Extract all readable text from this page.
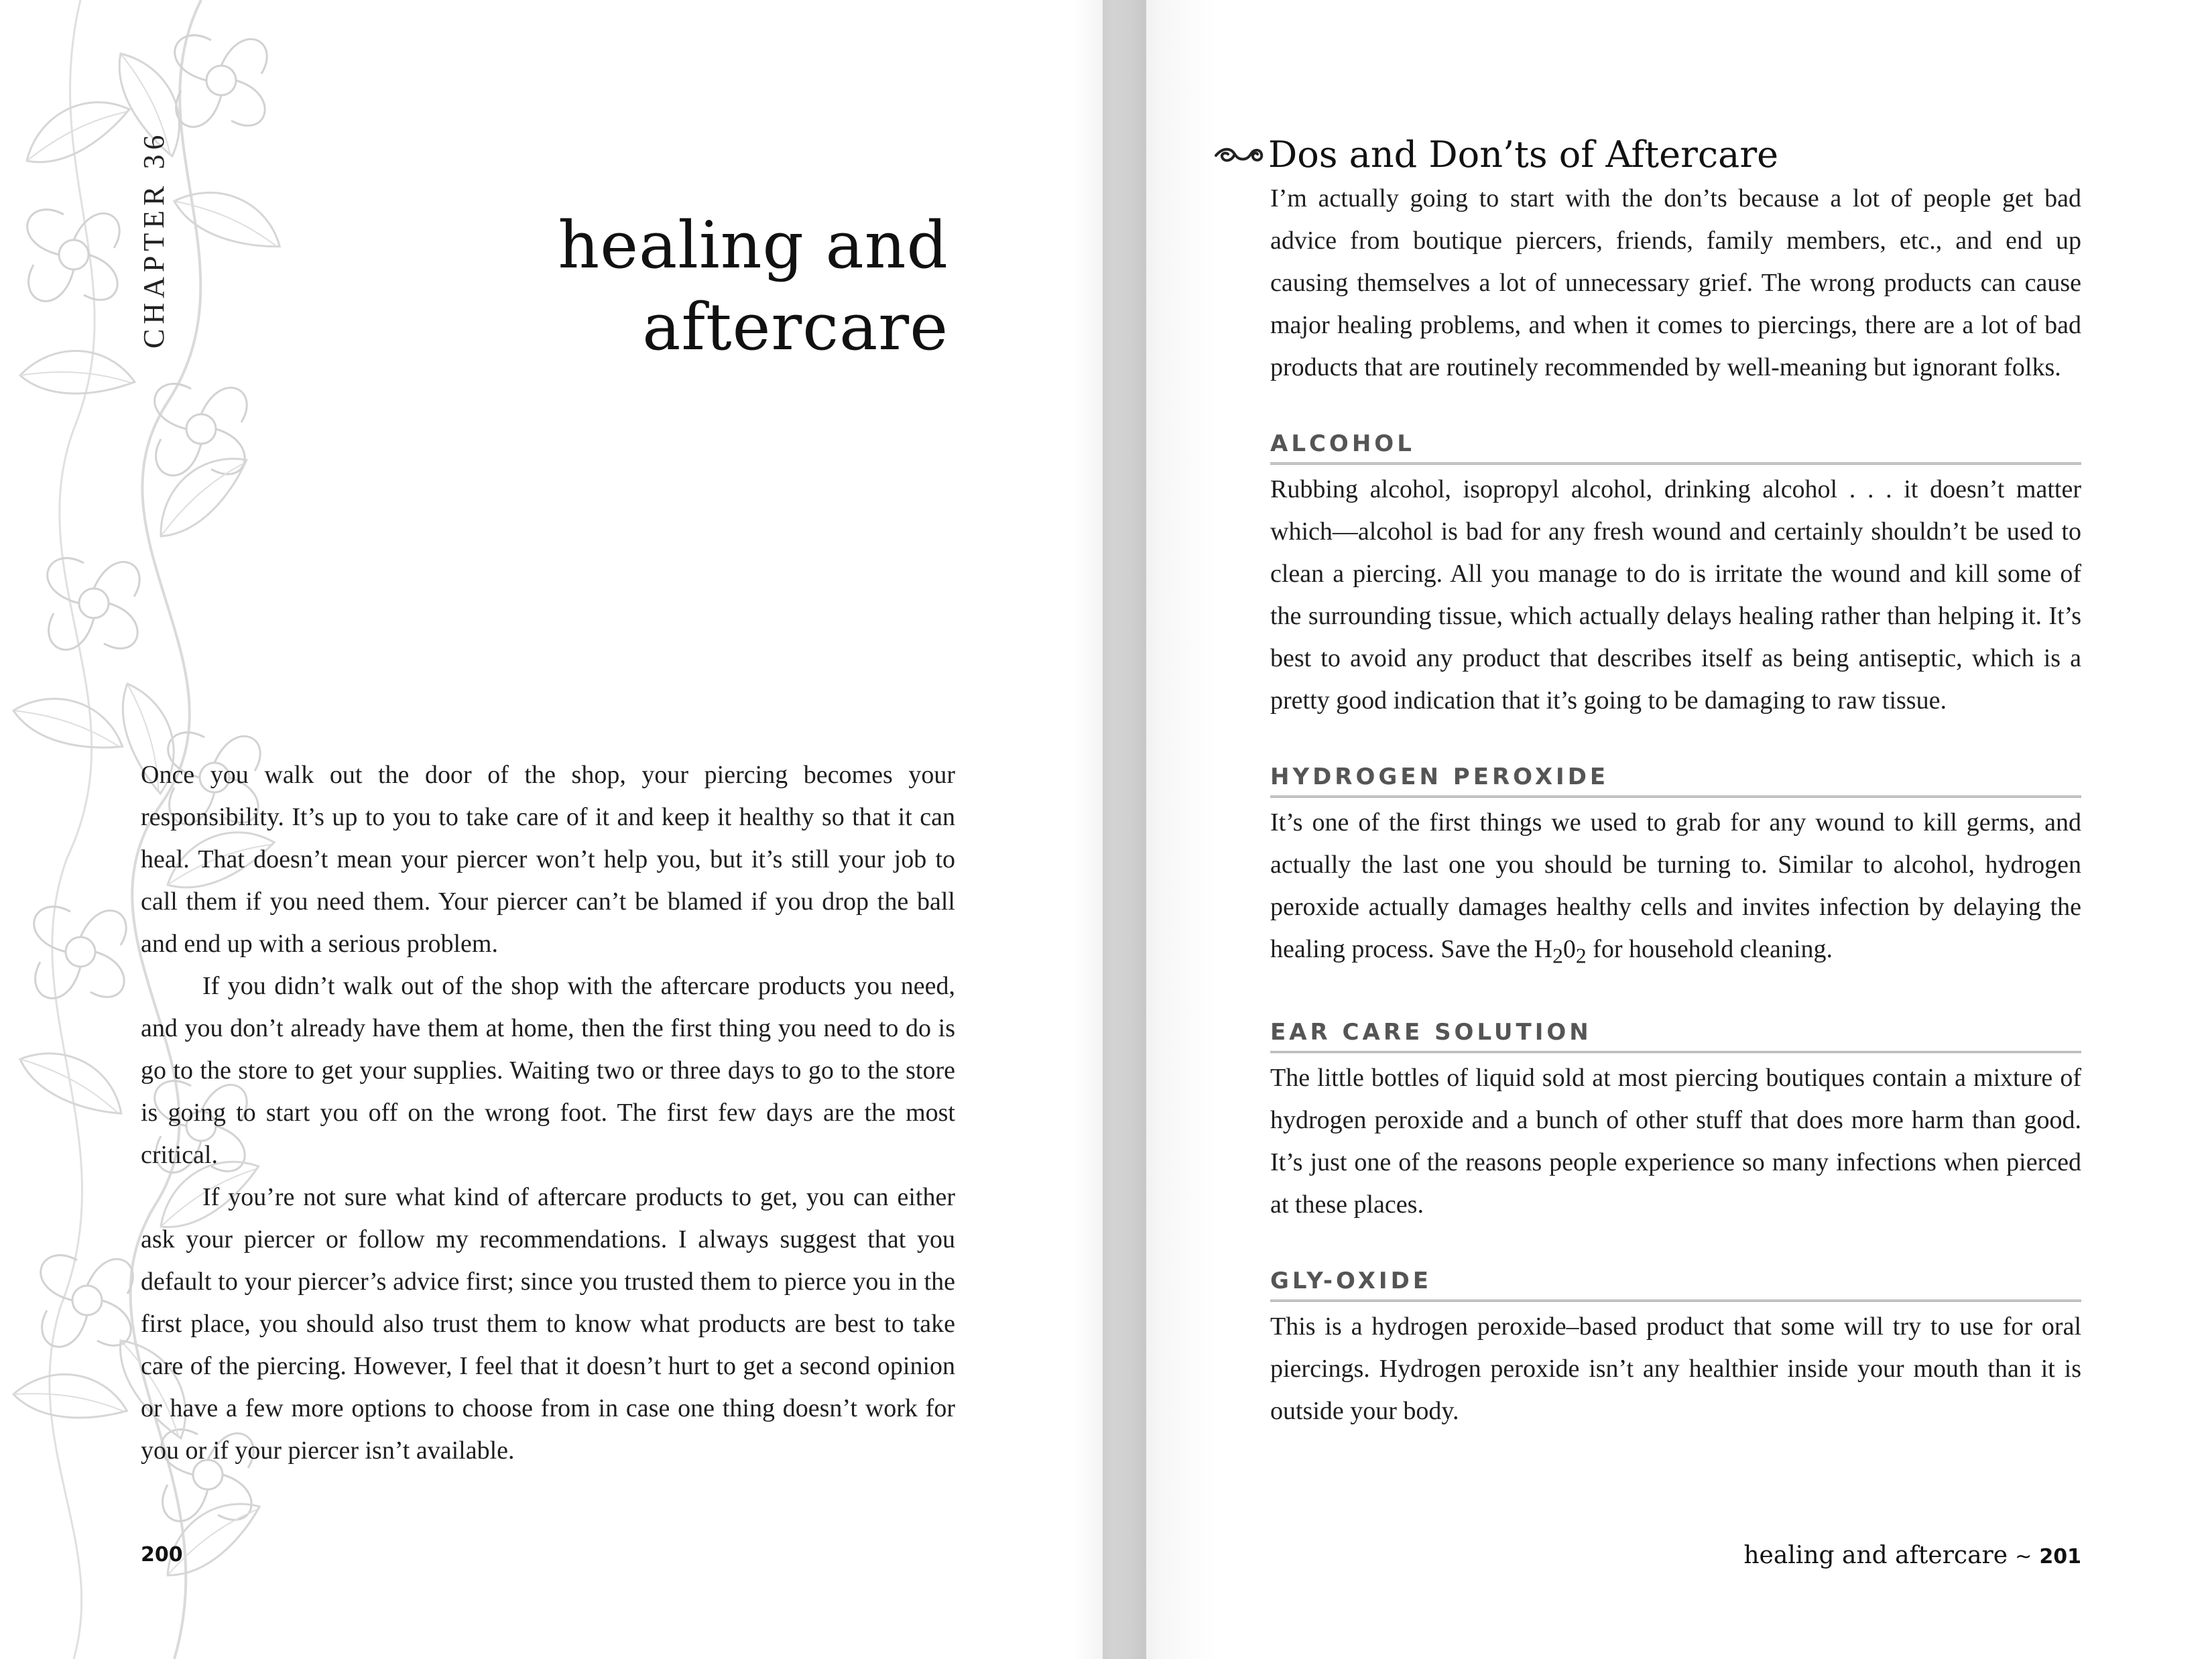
CHAPTER 36	healing and
aftercare

Once you walk out the door of the shop, your piercing becomes your responsibility. It’s up to you to take care of it and keep it healthy so that it can heal. That doesn’t mean your piercer won’t help you, but it’s still your job to call them if you need them. Your piercer can’t be blamed if you drop the ball and end up with a serious problem.

If you didn’t walk out of the shop with the aftercare products you need, and you don’t already have them at home, then the first thing you need to do is go to the store to get your supplies. Waiting two or three days to go to the store is going to start you off on the wrong foot. The first few days are the most critical.

If you’re not sure what kind of aftercare products to get, you can either ask your piercer or follow my recommendations. I always suggest that you default to your piercer’s advice first; since you trusted them to pierce you in the first place, you should also trust them to know what products are best to take care of the piercing. However, I feel that it doesn’t hurt to get a second opinion or have a few more options to choose from in case one thing doesn’t work for you or if your piercer isn’t available.

200
Dos and Don’ts of Aftercare

I’m actually going to start with the don’ts because a lot of people get bad advice from boutique piercers, friends, family members, etc., and end up causing themselves a lot of unnecessary grief. The wrong products can cause major healing problems, and when it comes to piercings, there are a lot of bad products that are routinely recommended by well-meaning but ignorant folks.

ALCOHOL

Rubbing alcohol, isopropyl alcohol, drinking alcohol . . . it doesn’t matter which—alcohol is bad for any fresh wound and certainly shouldn’t be used to clean a piercing. All you manage to do is irritate the wound and kill some of the surrounding tissue, which actually delays healing rather than helping it. It’s best to avoid any product that describes itself as being antiseptic, which is a pretty good indication that it’s going to be damaging to raw tissue.

HYDROGEN PEROXIDE

It’s one of the first things we used to grab for any wound to kill germs, and actually the last one you should be turning to. Similar to alcohol, hydrogen peroxide actually damages healthy cells and invites infection by delaying the healing process. Save the $H_20_2$ for household cleaning.

EAR CARE SOLUTION

The little bottles of liquid sold at most piercing boutiques contain a mixture of hydrogen peroxide and a bunch of other stuff that does more harm than good. It’s just one of the reasons people experience so many infections when pierced at these places.

GLY-OXIDE

This is a hydrogen peroxide–based product that some will try to use for oral piercings. Hydrogen peroxide isn’t any healthier inside your mouth than it is outside your body.

healing and aftercare ~ 201
